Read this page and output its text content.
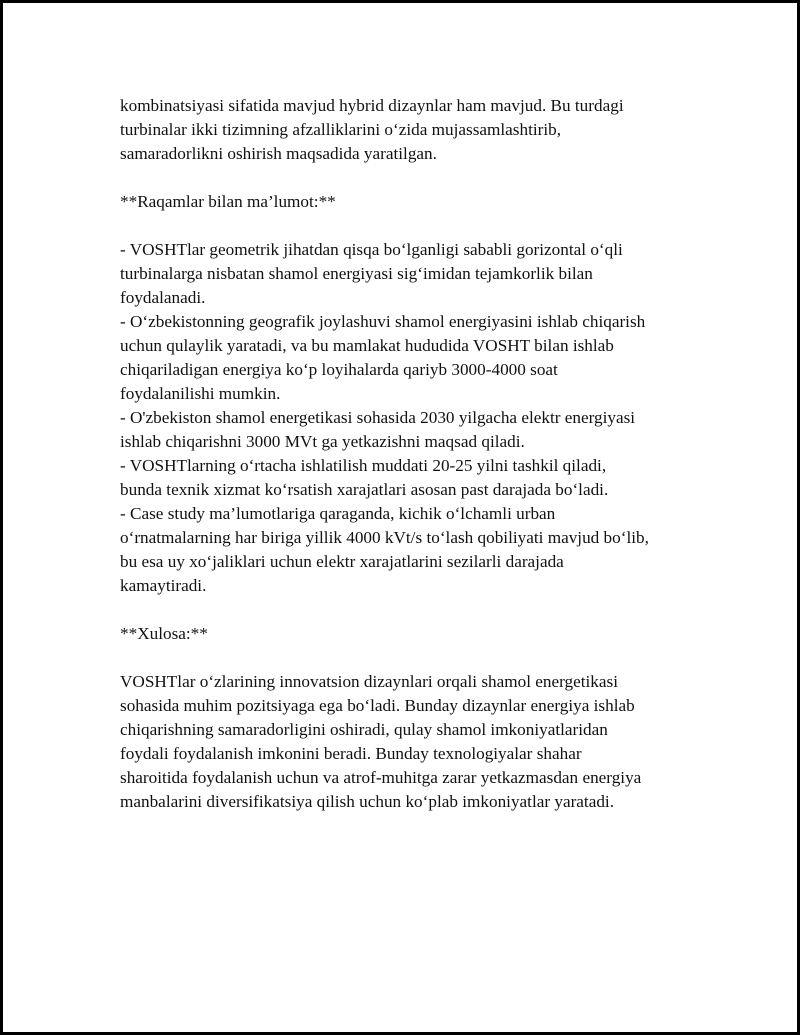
kombinatsiyasi sifatida mavjud hybrid dizaynlar ham mavjud. Bu turdagi
turbinalar ikki tizimning afzalliklarini o‘zida mujassamlashtirib,
samaradorlikni oshirish maqsadida yaratilgan.

**Raqamlar bilan ma’lumot:**

- VOSHTlar geometrik jihatdan qisqa bo‘lganligi sababli gorizontal o‘qli
turbinalarga nisbatan shamol energiyasi sig‘imidan tejamkorlik bilan
foydalanadi.
- O‘zbekistonning geografik joylashuvi shamol energiyasini ishlab chiqarish
uchun qulaylik yaratadi, va bu mamlakat hududida VOSHT bilan ishlab
chiqariladigan energiya ko‘p loyihalarda qariyb 3000-4000 soat
foydalanilishi mumkin.
- O'zbekiston shamol energetikasi sohasida 2030 yilgacha elektr energiyasi
ishlab chiqarishni 3000 MVt ga yetkazishni maqsad qiladi.
- VOSHTlarning o‘rtacha ishlatilish muddati 20-25 yilni tashkil qiladi,
bunda texnik xizmat ko‘rsatish xarajatlari asosan past darajada bo‘ladi.
- Case study ma’lumotlariga qaraganda, kichik o‘lchamli urban
o‘rnatmalarning har biriga yillik 4000 kVt/s to‘lash qobiliyati mavjud bo‘lib,
bu esa uy xo‘jaliklari uchun elektr xarajatlarini sezilarli darajada
kamaytiradi.

**Xulosa:**

VOSHTlar o‘zlarining innovatsion dizaynlari orqali shamol energetikasi
sohasida muhim pozitsiyaga ega bo‘ladi. Bunday dizaynlar energiya ishlab
chiqarishning samaradorligini oshiradi, qulay shamol imkoniyatlaridan
foydali foydalanish imkonini beradi. Bunday texnologiyalar shahar
sharoitida foydalanish uchun va atrof-muhitga zarar yetkazmasdan energiya
manbalarini diversifikatsiya qilish uchun ko‘plab imkoniyatlar yaratadi.
